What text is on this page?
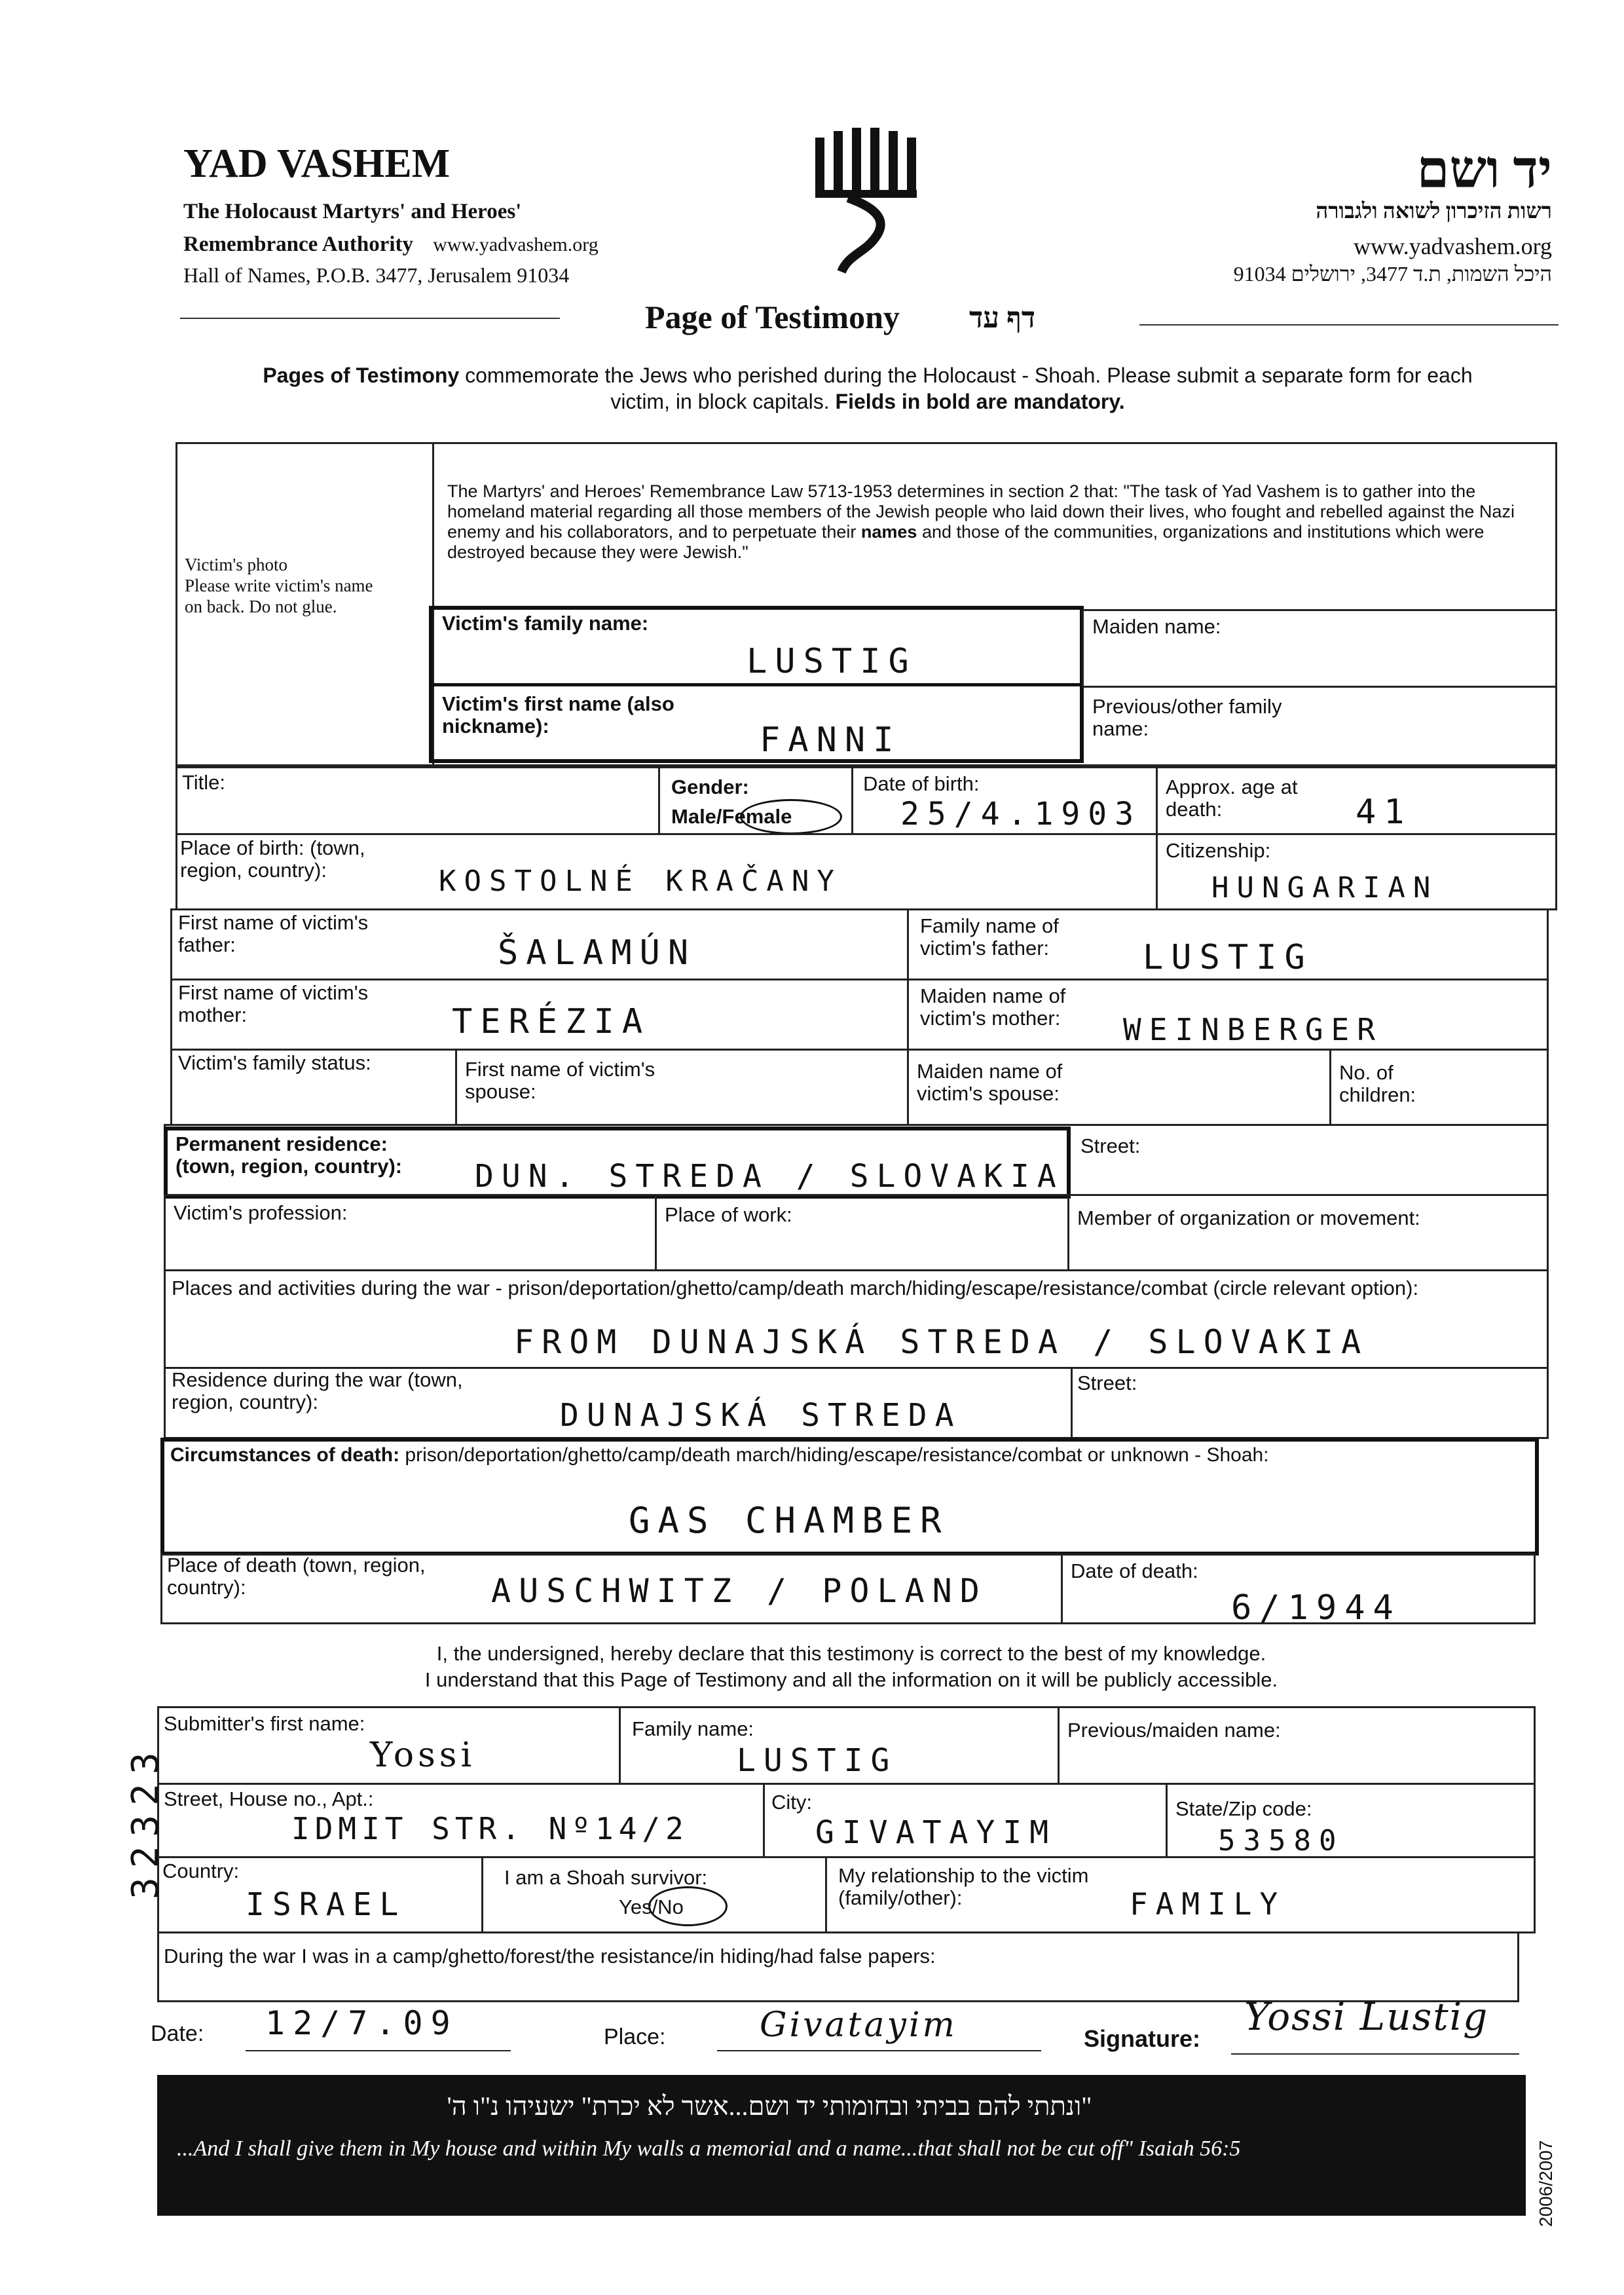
YAD VASHEM
The Holocaust Martyrs' and Heroes'
Remembrance Authority www.yadvashem.org
Hall of Names, P.O.B. 3477, Jerusalem 91034
יד ושם
רשות הזיכרון לשואה ולגבורה
www.yadvashem.org
היכל השמות, ת.ד 3477, ירושלים 91034
Page of Testimony דף עד
Pages of Testimony commemorate the Jews who perished during the Holocaust - Shoah. Please submit a separate form for each
victim, in block capitals. Fields in bold are mandatory.
Victim's photo
Please write victim's name
on back. Do not glue.
The Martyrs' and Heroes' Remembrance Law 5713-1953 determines in section 2 that: "The task of Yad Vashem is to gather into the homeland material regarding all those members of the Jewish people who laid down their lives, who fought and rebelled against the Nazi enemy and his collaborators, and to perpetuate their names and those of the communities, organizations and institutions which were destroyed because they were Jewish."
Victim's family name:
LUSTIG
Victim's first name (also nickname):	FANNI
Maiden name:
Previous/other family name:
Title:	Gender:
Male/Female
Date of birth:
25/4.1903
Approx. age at death:	41
Place of birth: (town, region, country):	KOSTOLNÉ KRAČANY
Citizenship:
HUNGARIAN
First name of victim's father:	ŠALAMÚN
Family name of victim's father:	LUSTIG
First name of victim's mother:	TERÉZIA
Maiden name of victim's mother:	WEINBERGER
Victim's family status:	First name of victim's spouse:
Maiden name of victim's spouse:
No. of children:
Permanent residence: (town, region, country):	DUN. STREDA / SLOVAKIA
Street:
Victim's profession:	Place of work:	Member of organization or movement:
Places and activities during the war - prison/deportation/ghetto/camp/death march/hiding/escape/resistance/combat (circle relevant option):
FROM DUNAJSKÁ STREDA / SLOVAKIA
Residence during the war (town, region, country):	DUNAJSKÁ STREDA
Street:
Circumstances of death: prison/deportation/ghetto/camp/death march/hiding/escape/resistance/combat or unknown - Shoah:
GAS CHAMBER
Place of death (town, region, country):	AUSCHWITZ / POLAND
Date of death:
6/1944
I, the undersigned, hereby declare that this testimony is correct to the best of my knowledge.
I understand that this Page of Testimony and all the information on it will be publicly accessible.
Submitter's first name:
Yossi
Family name:
LUSTIG
Previous/maiden name:
Street, House no., Apt.:
IDMIT STR. Nº14/2
City:
GIVATAYIM
State/Zip code:
53580
Country:
ISRAEL
I am a Shoah survivor:
Yes/No
My relationship to the victim (family/other):	FAMILY
During the war I was in a camp/ghetto/forest/the resistance/in hiding/had false papers:
Date: 12/7.09	Place:	Givatayim	Signature: Yossi Lustig
32323
"ונתתי להם בביתי ובחומותי יד ושם...אשר לא יכרת" ישעיהו נ"ו ה'
...And I shall give them in My house and within My walls a memorial and a name...that shall not be cut off" Isaiah 56:5	2006/2007
